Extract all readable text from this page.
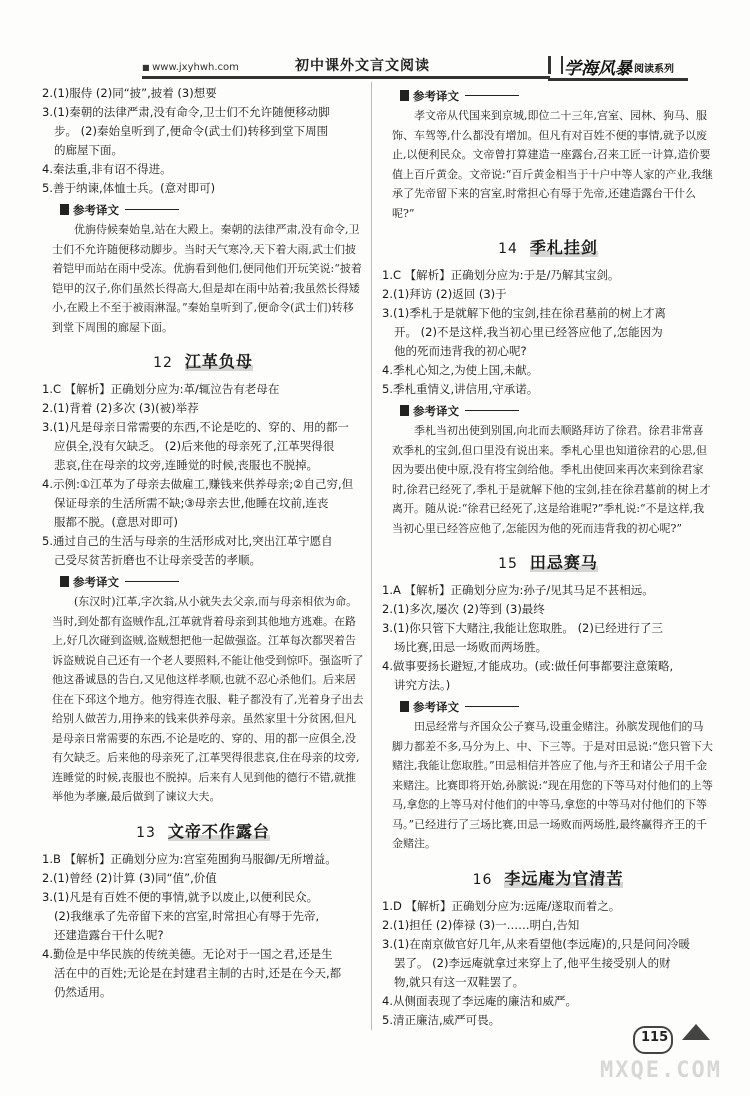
■ www.jxyhwh.com	初中课外文言文阅读	学海风暴 阅读系列

2.(1)服侍 (2)同“披”,披着 (3)想要

3.(1)秦朝的法律严肃,没有命令,卫士们不允许随便移动脚

步。 (2)秦始皇听到了,便命令(武士们)转移到堂下周围

的廊屋下面。

4.秦法重,非有诏不得进。

5.善于纳谏,体恤士兵。(意对即可)

参考译文

优旃侍候秦始皇,站在大殿上。秦朝的法律严肃,没有命令,卫士们不允许随便移动脚步。当时天气寒冷,天下着大雨,武士们披着铠甲而站在雨中受冻。优旃看到他们,便同他们开玩笑说:“披着铠甲的汉子,你们虽然长得高大,但是却在雨中站着;我虽然长得矮小,在殿上不至于被雨淋湿。”秦始皇听到了,便命令(武士们)转移到堂下周围的廊屋下面。

12 江革负母

1.C 【解析】正确划分应为:革/辄泣告有老母在

2.(1)背着 (2)多次 (3)(被)举荐

3.(1)凡是母亲日常需要的东西,不论是吃的、穿的、用的都一

应俱全,没有欠缺乏。 (2)后来他的母亲死了,江革哭得很

悲哀,住在母亲的坟旁,连睡觉的时候,丧服也不脱掉。

4.示例:①江革为了母亲去做雇工,赚钱来供养母亲;②自己穷,但

保证母亲的生活所需不缺;③母亲去世,他睡在坟前,连丧

服都不脱。(意思对即可)

5.通过自己的生活与母亲的生活形成对比,突出江革宁愿自

己受尽贫苦折磨也不让母亲受苦的孝顺。

参考译文

(东汉时)江革,字次翁,从小就失去父亲,而与母亲相依为命。当时,到处都有盗贼作乱,江革就背着母亲到其他地方逃难。在路上,好几次碰到盗贼,盗贼想把他一起做强盗。江革每次都哭着告诉盗贼说自己还有一个老人要照料,不能让他受到惊吓。强盗听了他这番诚恳的告白,又见他这样孝顺,也就不忍心杀他们。后来居住在下邳这个地方。他穷得连衣服、鞋子都没有了,光着身子出去给别人做苦力,用挣来的钱来供养母亲。虽然家里十分贫困,但凡是母亲日常需要的东西,不论是吃的、穿的、用的都一应俱全,没有欠缺乏。后来他的母亲死了,江革哭得很悲哀,住在母亲的坟旁,连睡觉的时候,丧服也不脱掉。后来有人见到他的德行不错,就推举他为孝廉,最后做到了谏议大夫。

13 文帝不作露台

1.B 【解析】正确划分应为:宫室苑囿狗马服御/无所增益。

2.(1)曾经 (2)计算 (3)同“值”,价值

3.(1)凡是有百姓不便的事情,就予以废止,以便利民众。

(2)我继承了先帝留下来的宫室,时常担心有辱于先帝,

还建造露台干什么呢?

4.勤俭是中华民族的传统美德。无论对于一国之君,还是生

活在中的百姓;无论是在封建君主制的古时,还是在今天,都

仍然适用。

参考译文

孝文帝从代国来到京城,即位二十三年,宫室、园林、狗马、服饰、车驾等,什么都没有增加。但凡有对百姓不便的事情,就予以废止,以便利民众。文帝曾打算建造一座露台,召来工匠一计算,造价要值上百斤黄金。文帝说:“百斤黄金相当于十户中等人家的产业,我继承了先帝留下来的宫室,时常担心有辱于先帝,还建造露台干什么呢?”

14 季札挂剑

1.C 【解析】正确划分应为:于是/乃解其宝剑。

2.(1)拜访 (2)返回 (3)于

3.(1)季札于是就解下他的宝剑,挂在徐君墓前的树上才离

开。 (2)不是这样,我当初心里已经答应他了,怎能因为

他的死而违背我的初心呢?

4.季札心知之,为使上国,未献。

5.季札重情义,讲信用,守承诺。

参考译文

季札当初出使到别国,向北而去顺路拜访了徐君。徐君非常喜欢季札的宝剑,但口里没有说出来。季札心里也知道徐君的心思,但因为要出使中原,没有将宝剑给他。季札出使回来再次来到徐君家时,徐君已经死了,季札于是就解下他的宝剑,挂在徐君墓前的树上才离开。随从说:“徐君已经死了,这是给谁呢?”季札说:“不是这样,我当初心里已经答应他了,怎能因为他的死而违背我的初心呢?”

15 田忌赛马

1.A 【解析】正确划分应为:孙子/见其马足不甚相远。

2.(1)多次,屡次 (2)等到 (3)最终

3.(1)你只管下大赌注,我能让您取胜。 (2)已经进行了三

场比赛,田忌一场败而两场胜。

4.做事要扬长避短,才能成功。(或:做任何事都要注意策略,

讲究方法。)

参考译文

田忌经常与齐国众公子赛马,设重金赌注。孙膑发现他们的马脚力都差不多,马分为上、中、下三等。于是对田忌说:“您只管下大赌注,我能让您取胜。”田忌相信并答应了他,与齐王和诸公子用千金来赌注。比赛即将开始,孙膑说:“现在用您的下等马对付他们的上等马,拿您的上等马对付他们的中等马,拿您的中等马对付他们的下等马。”已经进行了三场比赛,田忌一场败而两场胜,最终赢得齐王的千金赌注。

16 李远庵为官清苦

1.D 【解析】正确划分应为:远庵/遂取而着之。

2.(1)担任 (2)俸禄 (3)一……明白,告知

3.(1)在南京做官好几年,从来看望他(李远庵)的,只是问问冷暖

罢了。 (2)李远庵就拿过来穿上了,他平生接受别人的财

物,就只有这一双鞋罢了。

4.从侧面表现了李远庵的廉洁和威严。

5.清正廉洁,威严可畏。

115
MXQE.COM
